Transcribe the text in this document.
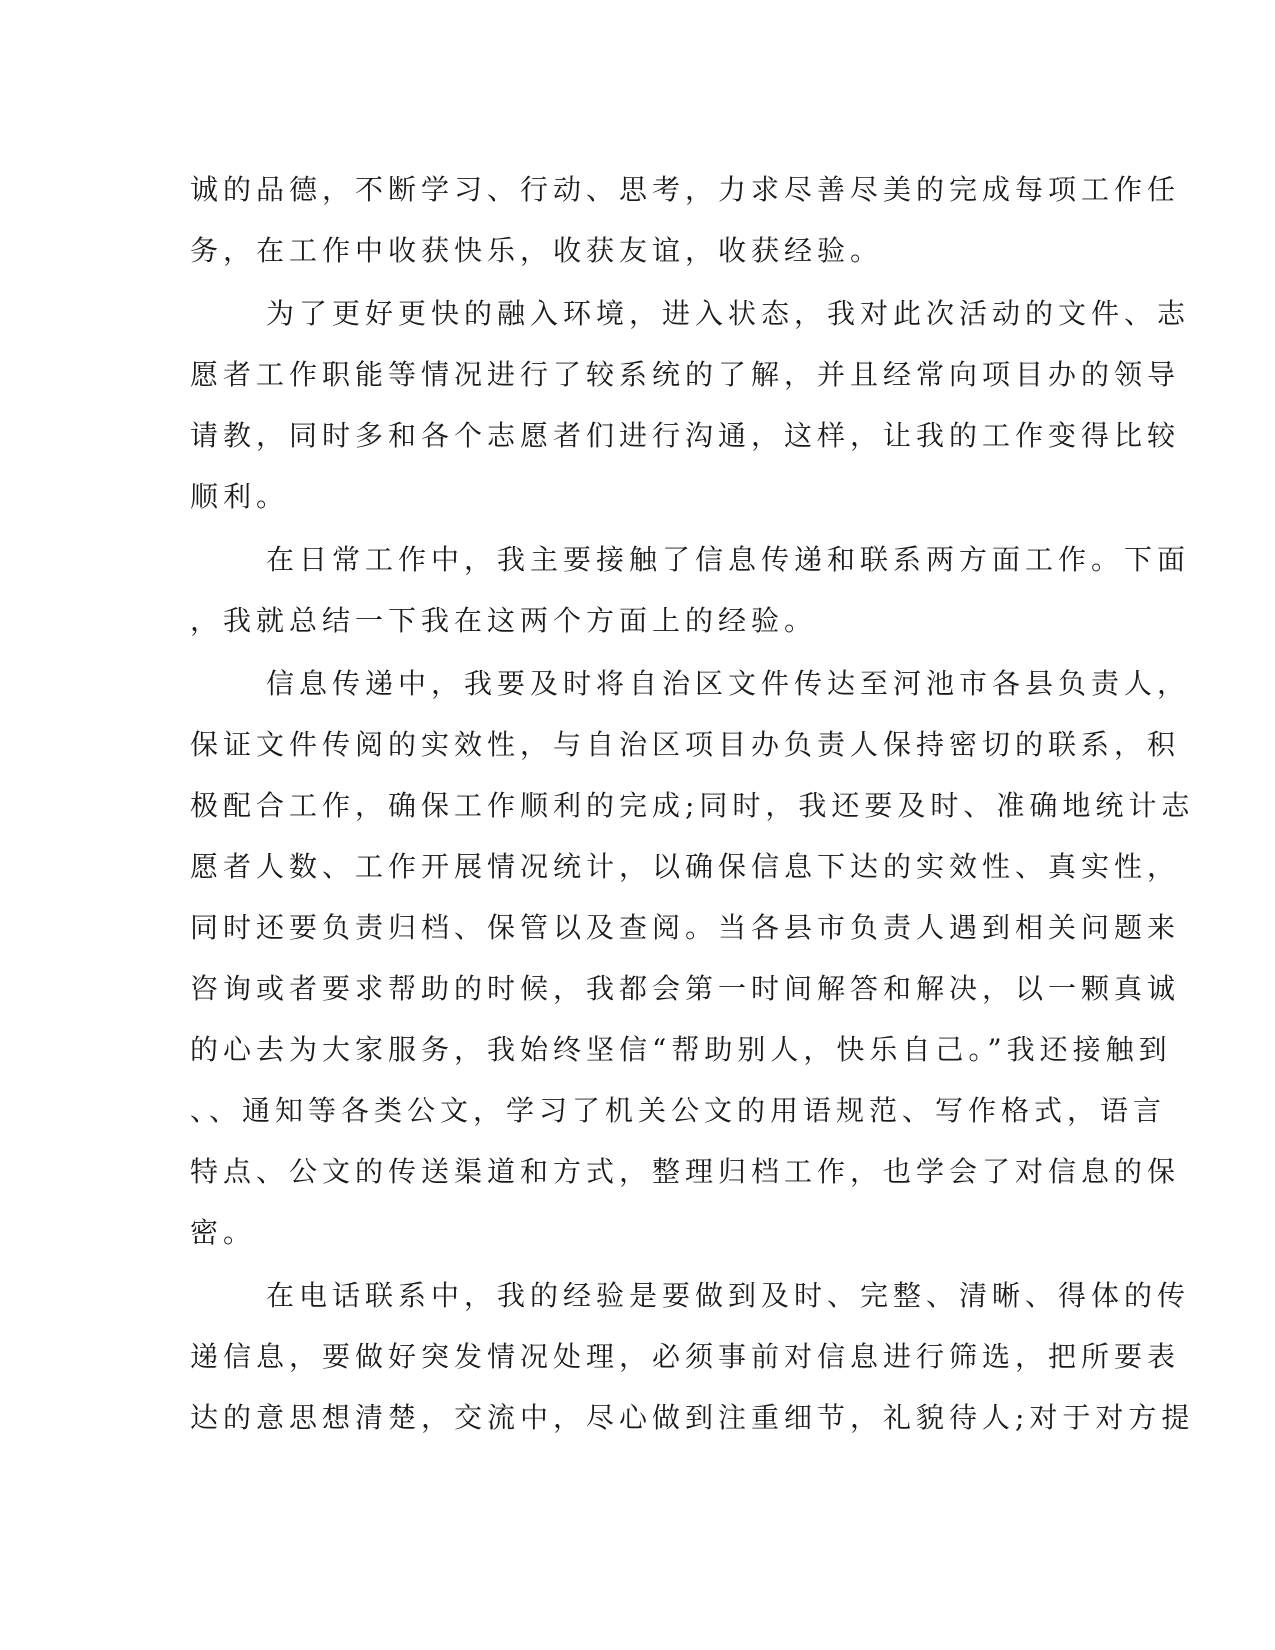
诚的品德，不断学习、行动、思考，力求尽善尽美的完成每项工作任
务，在工作中收获快乐，收获友谊，收获经验。
为了更好更快的融入环境，进入状态，我对此次活动的文件、志
愿者工作职能等情况进行了较系统的了解，并且经常向项目办的领导
请教，同时多和各个志愿者们进行沟通，这样，让我的工作变得比较
顺利。
在日常工作中，我主要接触了信息传递和联系两方面工作。下面
，我就总结一下我在这两个方面上的经验。
信息传递中，我要及时将自治区文件传达至河池市各县负责人，
保证文件传阅的实效性，与自治区项目办负责人保持密切的联系，积
极配合工作，确保工作顺利的完成;同时，我还要及时、准确地统计志
愿者人数、工作开展情况统计，以确保信息下达的实效性、真实性，
同时还要负责归档、保管以及查阅。当各县市负责人遇到相关问题来
咨询或者要求帮助的时候，我都会第一时间解答和解决，以一颗真诚
的心去为大家服务，我始终坚信“帮助别人，快乐自己。”我还接触到
、、通知等各类公文，学习了机关公文的用语规范、写作格式，语言
特点、公文的传送渠道和方式，整理归档工作，也学会了对信息的保
密。
在电话联系中，我的经验是要做到及时、完整、清晰、得体的传
递信息，要做好突发情况处理，必须事前对信息进行筛选，把所要表
达的意思想清楚，交流中，尽心做到注重细节，礼貌待人;对于对方提
